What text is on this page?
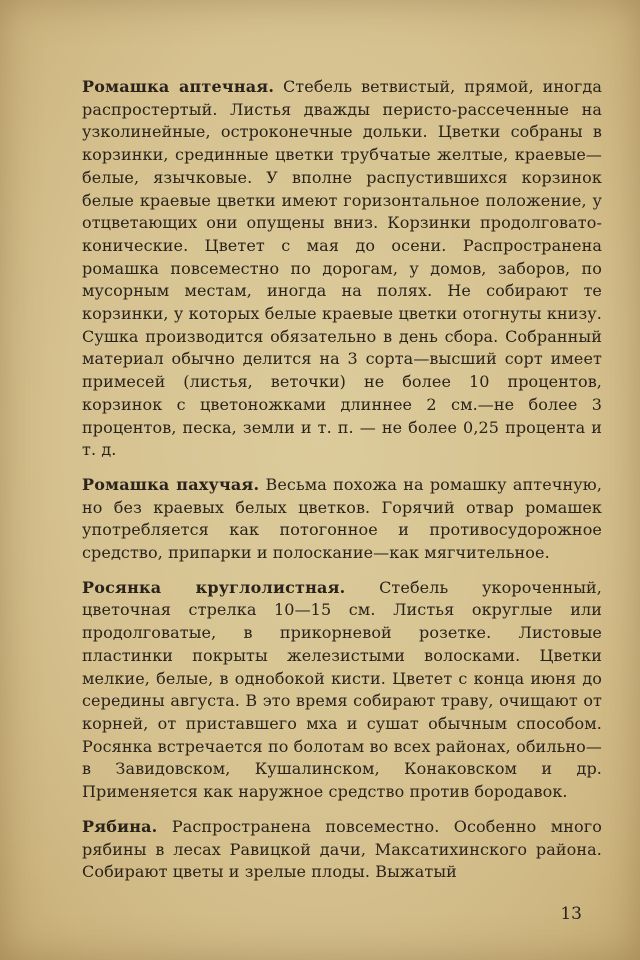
Ромашка аптечная. Стебель ветвистый, прямой, иногда распростертый. Листья дважды перисто-рассеченные на узколинейные, остроконечные дольки. Цветки собраны в корзинки, срединные цветки трубчатые желтые, краевые—белые, язычковые. У вполне распустившихся корзинок белые краевые цветки имеют горизонтальное положение, у отцветающих они опущены вниз. Корзинки продолговато-конические. Цветет с мая до осени. Распространена ромашка повсеместно по дорогам, у домов, заборов, по мусорным местам, иногда на полях. Не собирают те корзинки, у которых белые краевые цветки отогнуты книзу. Сушка производится обязательно в день сбора. Собранный материал обычно делится на 3 сорта—высший сорт имеет примесей (листья, веточки) не более 10 процентов, корзинок с цветоножками длиннее 2 см.—не более 3 процентов, песка, земли и т. п. — не более 0,25 процента и т. д.

Ромашка пахучая. Весьма похожа на ромашку аптечную, но без краевых белых цветков. Горячий отвар ромашек употребляется как потогонное и противосудорожное средство, припарки и полоскание—как мягчительное.

Росянка круглолистная. Стебель укороченный, цветочная стрелка 10—15 см. Листья округлые или продолговатые, в прикорневой розетке. Листовые пластинки покрыты железистыми волосками. Цветки мелкие, белые, в однобокой кисти. Цветет с конца июня до середины августа. В это время собирают траву, очищают от корней, от приставшего мха и сушат обычным способом. Росянка встречается по болотам во всех районах, обильно—в Завидовском, Кушалинском, Конаковском и др. Применяется как наружное средство против бородавок.

Рябина. Распространена повсеместно. Особенно много рябины в лесах Равицкой дачи, Максатихинского района. Собирают цветы и зрелые плоды. Выжатый

13
